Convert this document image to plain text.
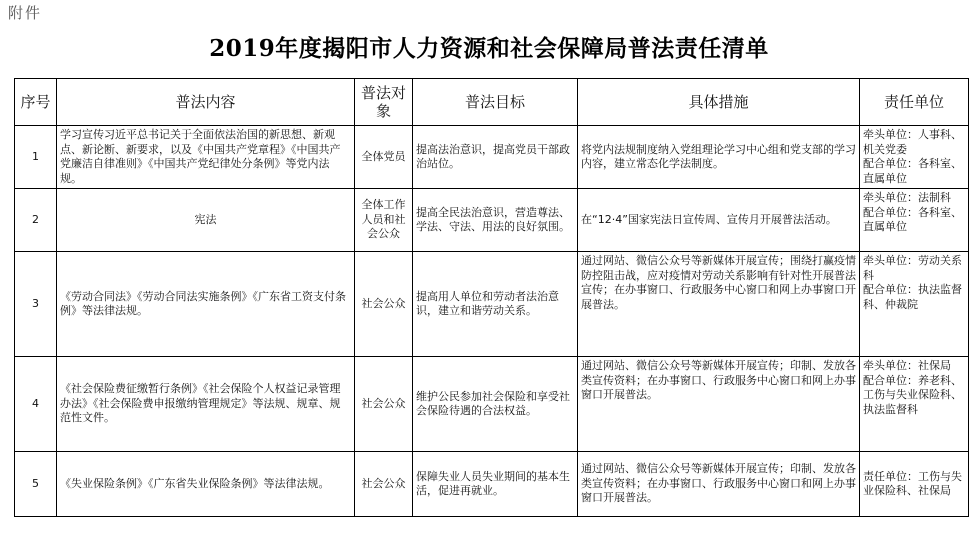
附件
2019年度揭阳市人力资源和社会保障局普法责任清单
序号	普法内容	普法对象	普法目标	具体措施	责任单位
1	学习宣传习近平总书记关于全面依法治国的新思想、新观点、新论断、新要求，以及《中国共产党章程》《中国共产党廉洁自律准则》《中国共产党纪律处分条例》等党内法规。	全体党员	提高法治意识，提高党员干部政治站位。	将党内法规制度纳入党组理论学习中心组和党支部的学习内容，建立常态化学法制度。	牵头单位：人事科、机关党委
配合单位：各科室、直属单位

2	宪法	全体工作人员和社会公众	提高全民法治意识，营造尊法、学法、守法、用法的良好氛围。	在“12·4”国家宪法日宣传周、宣传月开展普法活动。	牵头单位：法制科
配合单位：各科室、直属单位

3	《劳动合同法》《劳动合同法实施条例》《广东省工资支付条例》等法律法规。	社会公众	提高用人单位和劳动者法治意识，建立和谐劳动关系。	通过网站、微信公众号等新媒体开展宣传；围绕打赢疫情防控阻击战，应对疫情对劳动关系影响有针对性开展普法宣传；在办事窗口、行政服务中心窗口和网上办事窗口开展普法。	牵头单位：劳动关系科
配合单位：执法监督科、仲裁院

4	《社会保险费征缴暂行条例》《社会保险个人权益记录管理办法》《社会保险费申报缴纳管理规定》等法规、规章、规范性文件。	社会公众	维护公民参加社会保险和享受社会保险待遇的合法权益。	通过网站、微信公众号等新媒体开展宣传；印制、发放各类宣传资料；在办事窗口、行政服务中心窗口和网上办事窗口开展普法。	牵头单位：社保局
配合单位：养老科、工伤与失业保险科、执法监督科

5	《失业保险条例》《广东省失业保险条例》等法律法规。	社会公众	保障失业人员失业期间的基本生活，促进再就业。	通过网站、微信公众号等新媒体开展宣传；印制、发放各类宣传资料；在办事窗口、行政服务中心窗口和网上办事窗口开展普法。	责任单位：工伤与失业保险科、社保局
